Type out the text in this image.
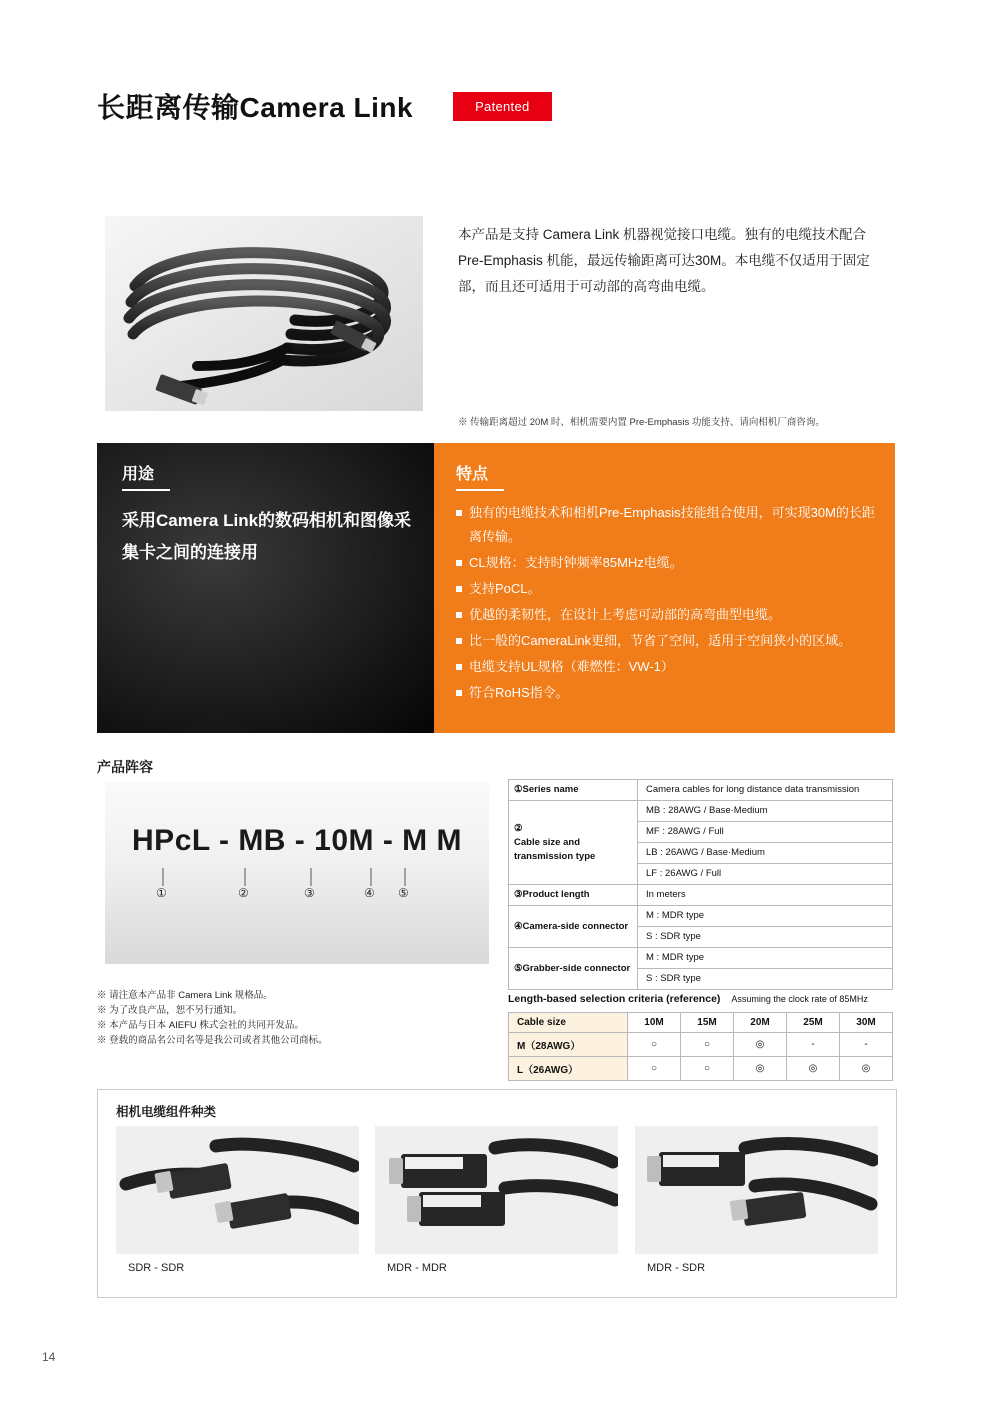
长距离传输Camera Link	Patented
本产品是支持 Camera Link 机器视觉接口电缆。独有的电缆技术配合 Pre-Emphasis 机能，最远传输距离可达30M。本电缆不仅适用于固定部，而且还可适用于可动部的高弯曲电缆。
※ 传输距离超过 20M 时、相机需要内置 Pre-Emphasis 功能支持、请向相机厂商咨询。
用途
采用Camera Link的数码相机和图像采集卡之间的连接用
特点
独有的电缆技术和相机Pre-Emphasis技能组合使用，可实现30M的长距离传输。
CL规格：支持时钟频率85MHz电缆。
支持PoCL。
优越的柔韧性，在设计上考虑可动部的高弯曲型电缆。
比一般的CameraLink更细，节省了空间，适用于空间狭小的区域。
电缆支持UL规格（难燃性：VW-1）
符合RoHS指令。
产品阵容
HPcL - MB - 10M - M M
①	②	③	④ ⑤
①Series name	Camera cables for long distance data transmission
②
Cable size and transmission type	MB : 28AWG / Base·Medium
	MF : 28AWG / Full
	LB : 26AWG / Base·Medium
	LF : 26AWG / Full
③Product length	In meters
④Camera-side connector	M : MDR type
	S : SDR type
⑤Grabber-side connector	M : MDR type
	S : SDR type
※ 请注意本产品非 Camera Link 规格品。
※ 为了改良产品，恕不另行通知。
※ 本产品与日本 AIEFU 株式会社的共同开发品。
※ 登载的商品名公司名等是我公司或者其他公司商标。
Length-based selection criteria (reference) Assuming the clock rate of 85MHz
Cable size	10M	15M	20M	25M	30M
M（28AWG）	○	○	◎	-	-
L（26AWG）	○	○	◎	◎	◎
相机电缆组件种类
SDR - SDR	MDR - MDR	MDR - SDR
14
